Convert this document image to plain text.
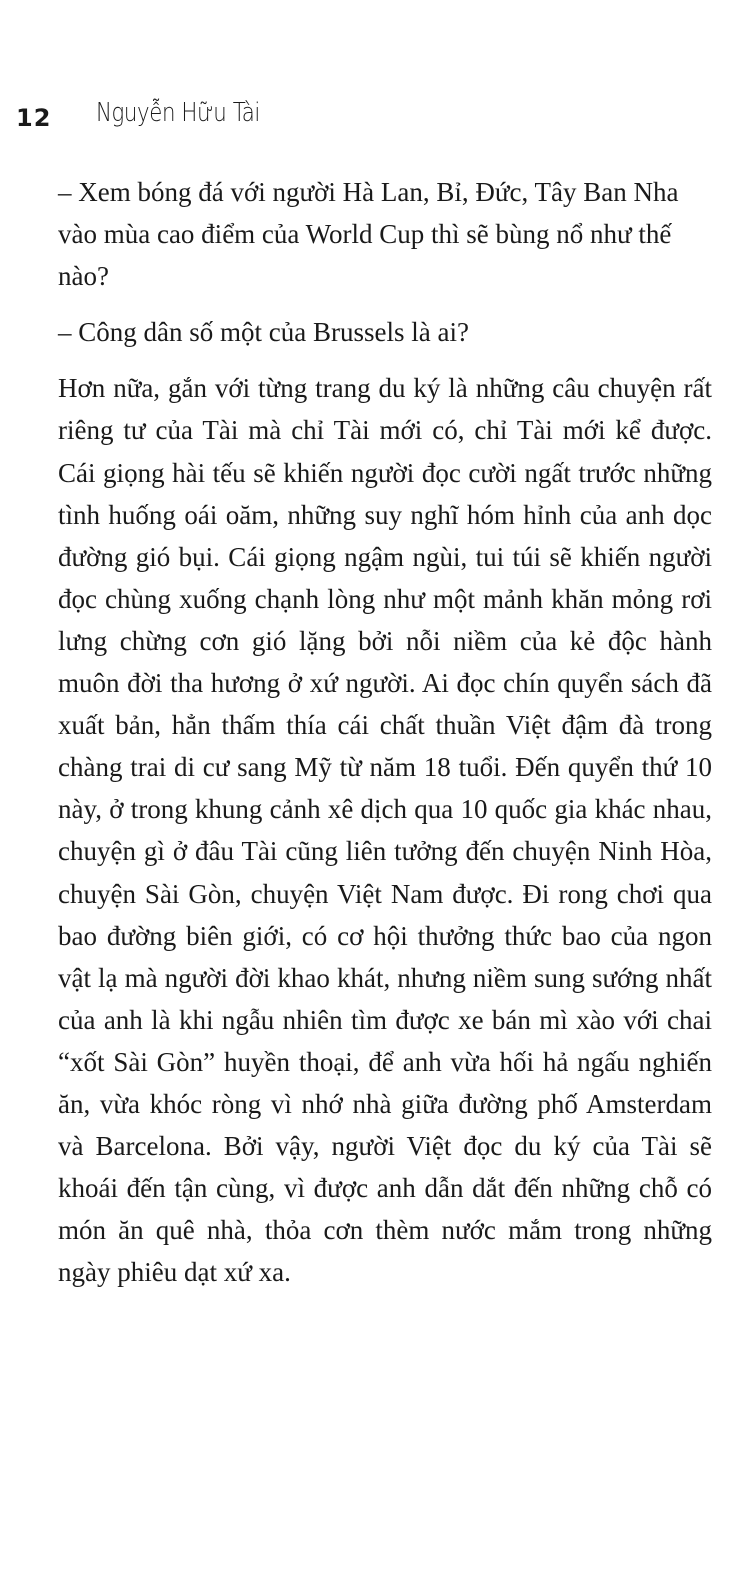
12 Nguyễn Hữu Tài

– Xem bóng đá với người Hà Lan, Bỉ, Đức, Tây Ban Nha vào mùa cao điểm của World Cup thì sẽ bùng nổ như thế nào?

– Công dân số một của Brussels là ai?

Hơn nữa, gắn với từng trang du ký là những câu chuyện rất riêng tư của Tài mà chỉ Tài mới có, chỉ Tài mới kể được. Cái giọng hài tếu sẽ khiến người đọc cười ngất trước những tình huống oái oăm, những suy nghĩ hóm hỉnh của anh dọc đường gió bụi. Cái giọng ngậm ngùi, tui túi sẽ khiến người đọc chùng xuống chạnh lòng như một mảnh khăn mỏng rơi lưng chừng cơn gió lặng bởi nỗi niềm của kẻ độc hành muôn đời tha hương ở xứ người. Ai đọc chín quyển sách đã xuất bản, hẳn thấm thía cái chất thuần Việt đậm đà trong chàng trai di cư sang Mỹ từ năm 18 tuổi. Đến quyển thứ 10 này, ở trong khung cảnh xê dịch qua 10 quốc gia khác nhau, chuyện gì ở đâu Tài cũng liên tưởng đến chuyện Ninh Hòa, chuyện Sài Gòn, chuyện Việt Nam được. Đi rong chơi qua bao đường biên giới, có cơ hội thưởng thức bao của ngon vật lạ mà người đời khao khát, nhưng niềm sung sướng nhất của anh là khi ngẫu nhiên tìm được xe bán mì xào với chai “xốt Sài Gòn” huyền thoại, để anh vừa hối hả ngấu nghiến ăn, vừa khóc ròng vì nhớ nhà giữa đường phố Amsterdam và Barcelona. Bởi vậy, người Việt đọc du ký của Tài sẽ khoái đến tận cùng, vì được anh dẫn dắt đến những chỗ có món ăn quê nhà, thỏa cơn thèm nước mắm trong những ngày phiêu dạt xứ xa.
